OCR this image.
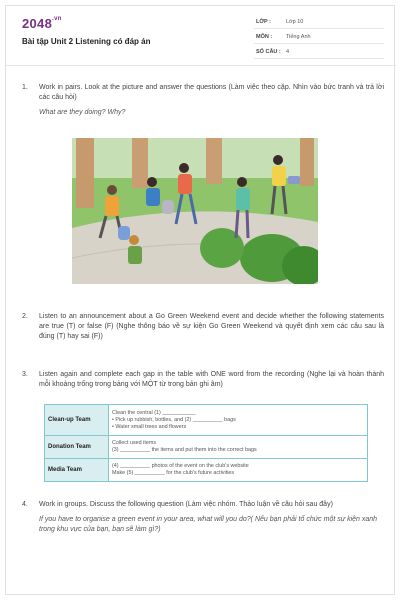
$2048^{.vn}$
Bài tập Unit 2 Listening có đáp án
LỚP :	Lớp 10
MÔN :	Tiếng Anh
SỐ CÂU : 4
1. Work in pairs. Look at the picture and answer the questions (Làm việc theo cặp. Nhìn vào bức tranh và trả lời các câu hỏi)
What are they doing? Why?
2. Listen to an announcement about a Go Green Weekend event and decide whether the following statements are true (T) or false (F) (Nghe thông báo về sự kiện Go Green Weekend và quyết định xem các câu sau là đúng (T) hay sai (F))
3. Listen again and complete each gap in the table with ONE word from the recording (Nghe lại và hoàn thành mỗi khoảng trống trong bảng với MỘT từ trong bản ghi âm)
Clean-up Team	Clean the central (1) ___________
• Pick up rubbish, bottles, and (2) __________ bags
• Water small trees and flowers

Donation Team	Collect used items
(3) __________ the items and put them into the correct bags

Media Team	(4) __________ photos of the event on the club's website
Make (5) __________ for the club's future activities
4. Work in groups. Discuss the following question (Làm việc nhóm. Thảo luận về câu hỏi sau đây)
If you have to organise a green event in your area, what will you do?( Nếu bạn phải tổ chức một sự kiện xanh trong khu vực của bạn, bạn sẽ làm gì?)
